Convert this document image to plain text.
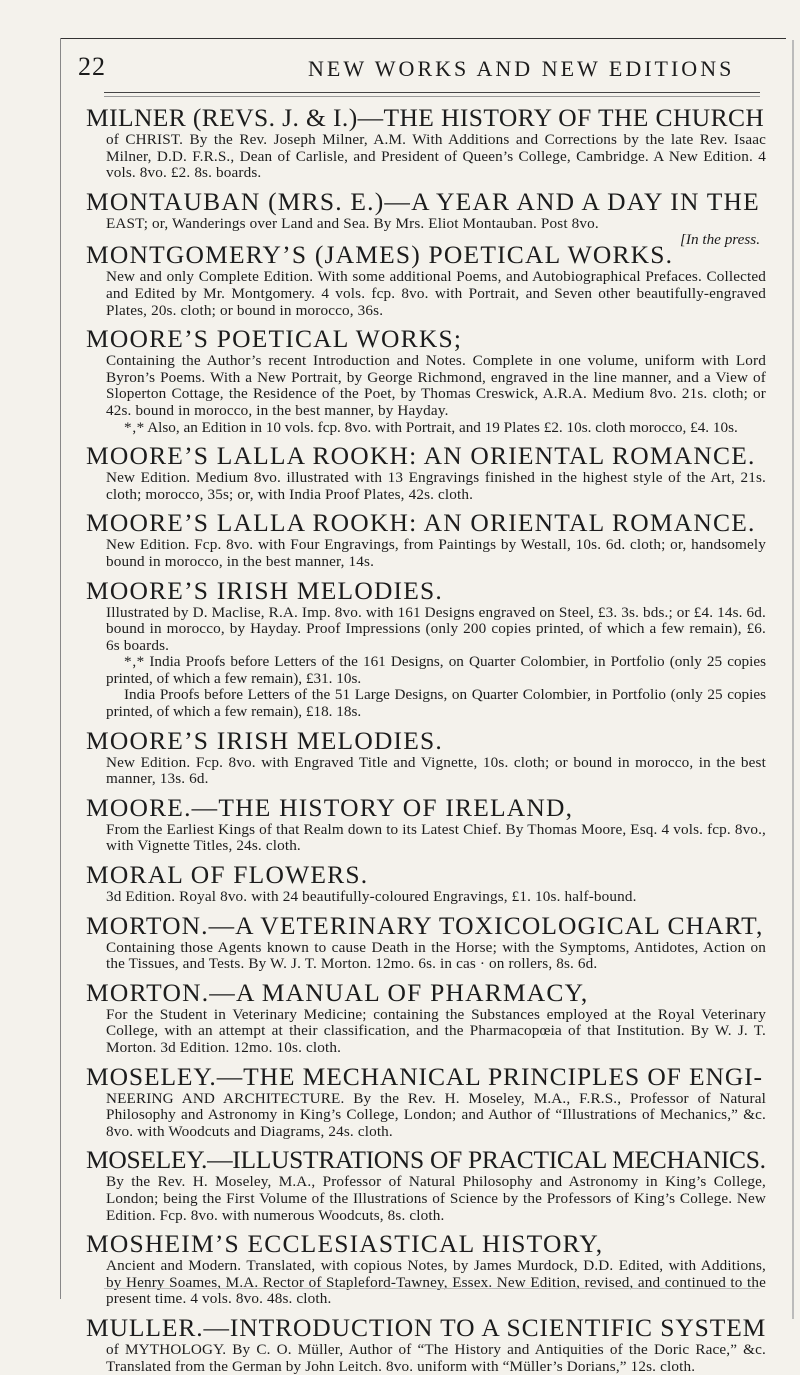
22	NEW WORKS AND NEW EDITIONS
MILNER (REVS. J. & I.)—THE HISTORY OF THE CHURCH
of CHRIST. By the Rev. Joseph Milner, A.M. With Additions and Corrections by the late Rev. Isaac Milner, D.D. F.R.S., Dean of Carlisle, and President of Queen’s College, Cambridge. A New Edition. 4 vols. 8vo. £2. 8s. boards.
MONTAUBAN (MRS. E.)—A YEAR AND A DAY IN THE
EAST; or, Wanderings over Land and Sea. By Mrs. Eliot Montauban. Post 8vo.
[In the press.
MONTGOMERY’S (JAMES) POETICAL WORKS.
New and only Complete Edition. With some additional Poems, and Autobiographical Prefaces. Collected and Edited by Mr. Montgomery. 4 vols. fcp. 8vo. with Portrait, and Seven other beautifully-engraved Plates, 20s. cloth; or bound in morocco, 36s.
MOORE’S POETICAL WORKS;
Containing the Author’s recent Introduction and Notes. Complete in one volume, uniform with Lord Byron’s Poems. With a New Portrait, by George Richmond, engraved in the line manner, and a View of Sloperton Cottage, the Residence of the Poet, by Thomas Creswick, A.R.A. Medium 8vo. 21s. cloth; or 42s. bound in morocco, in the best manner, by Hayday.
*‚* Also, an Edition in 10 vols. fcp. 8vo. with Portrait, and 19 Plates £2. 10s. cloth morocco, £4. 10s.
MOORE’S LALLA ROOKH: AN ORIENTAL ROMANCE.
New Edition. Medium 8vo. illustrated with 13 Engravings finished in the highest style of the Art, 21s. cloth; morocco, 35s; or, with India Proof Plates, 42s. cloth.
MOORE’S LALLA ROOKH: AN ORIENTAL ROMANCE.
New Edition. Fcp. 8vo. with Four Engravings, from Paintings by Westall, 10s. 6d. cloth; or, handsomely bound in morocco, in the best manner, 14s.
MOORE’S IRISH MELODIES.
Illustrated by D. Maclise, R.A. Imp. 8vo. with 161 Designs engraved on Steel, £3. 3s. bds.; or £4. 14s. 6d. bound in morocco, by Hayday. Proof Impressions (only 200 copies printed, of which a few remain), £6. 6s boards.
*‚* India Proofs before Letters of the 161 Designs, on Quarter Colombier, in Portfolio (only 25 copies printed, of which a few remain), £31. 10s.
India Proofs before Letters of the 51 Large Designs, on Quarter Colombier, in Portfolio (only 25 copies printed, of which a few remain), £18. 18s.
MOORE’S IRISH MELODIES.
New Edition. Fcp. 8vo. with Engraved Title and Vignette, 10s. cloth; or bound in morocco, in the best manner, 13s. 6d.
MOORE.—THE HISTORY OF IRELAND,
From the Earliest Kings of that Realm down to its Latest Chief. By Thomas Moore, Esq. 4 vols. fcp. 8vo., with Vignette Titles, 24s. cloth.
MORAL OF FLOWERS.
3d Edition. Royal 8vo. with 24 beautifully-coloured Engravings, £1. 10s. half-bound.
MORTON.—A VETERINARY TOXICOLOGICAL CHART,
Containing those Agents known to cause Death in the Horse; with the Symptoms, Antidotes, Action on the Tissues, and Tests. By W. J. T. Morton. 12mo. 6s. in cas · on rollers, 8s. 6d.
MORTON.—A MANUAL OF PHARMACY,
For the Student in Veterinary Medicine; containing the Substances employed at the Royal Veterinary College, with an attempt at their classification, and the Pharmacopœia of that Institution. By W. J. T. Morton. 3d Edition. 12mo. 10s. cloth.
MOSELEY.—THE MECHANICAL PRINCIPLES OF ENGI-
NEERING AND ARCHITECTURE. By the Rev. H. Moseley, M.A., F.R.S., Professor of Natural Philosophy and Astronomy in King’s College, London; and Author of “Illustrations of Mechanics,” &c. 8vo. with Woodcuts and Diagrams, 24s. cloth.
MOSELEY.—ILLUSTRATIONS OF PRACTICAL MECHANICS.
By the Rev. H. Moseley, M.A., Professor of Natural Philosophy and Astronomy in King’s College, London; being the First Volume of the Illustrations of Science by the Professors of King’s College. New Edition. Fcp. 8vo. with numerous Woodcuts, 8s. cloth.
MOSHEIM’S ECCLESIASTICAL HISTORY,
Ancient and Modern. Translated, with copious Notes, by James Murdock, D.D. Edited, with Additions, by Henry Soames, M.A. Rector of Stapleford-Tawney, Essex. New Edition, revised, and continued to the present time. 4 vols. 8vo. 48s. cloth.
MULLER.—INTRODUCTION TO A SCIENTIFIC SYSTEM
of MYTHOLOGY. By C. O. Müller, Author of “The History and Antiquities of the Doric Race,” &c. Translated from the German by John Leitch. 8vo. uniform with “Müller’s Dorians,” 12s. cloth.
